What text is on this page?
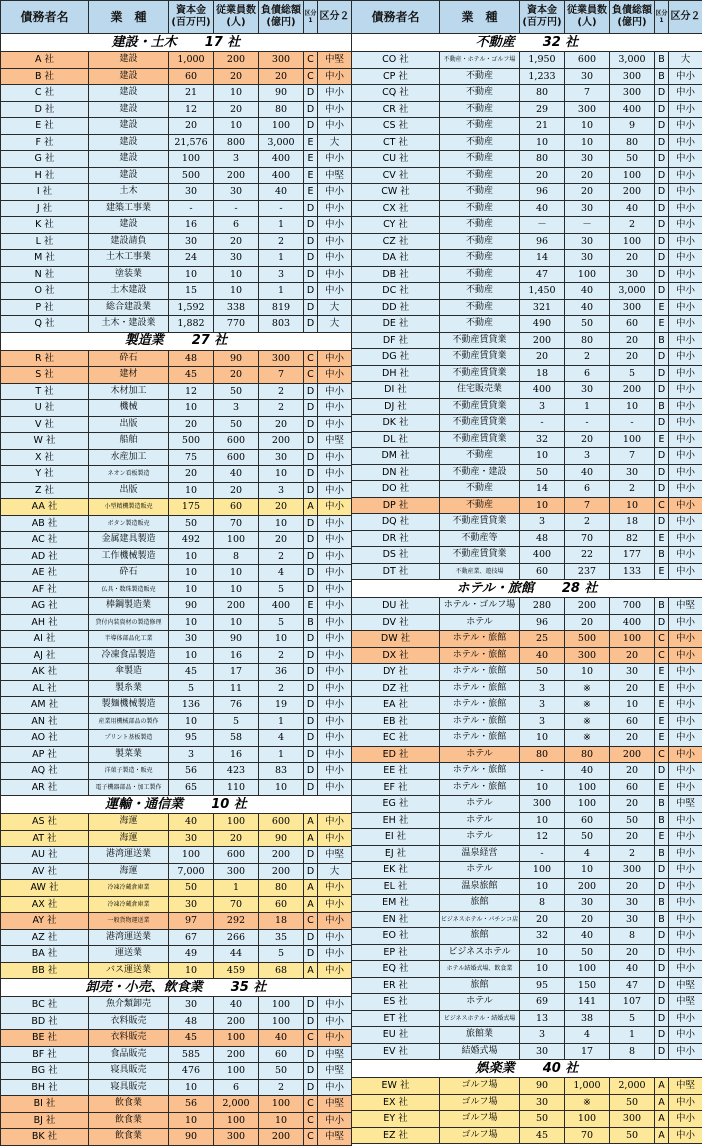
債務者名	業　種	資本金
(百万円)	従業員数
(人)	負債総額
(億円)	区分1	区分２
建設・土木 17 社						
A 社	建設	1,000	200	300	C	中堅
B 社	建設	60	20	20	C	中小
C 社	建設	21	10	90	D	中小
D 社	建設	12	20	80	D	中小
E 社	建設	20	10	100	D	中小
F 社	建設	21,576	800	3,000	E	大
G 社	建設	100	3	400	E	中小
H 社	建設	500	200	400	E	中堅
I 社	土木	30	30	40	E	中小
J 社	建築工事業	-	-	-	D	中小
K 社	建設	16	6	1	D	中小
L 社	建設請負	30	20	2	D	中小
M 社	土木工事業	24	30	1	D	中小
N 社	塗装業	10	10	3	D	中小
O 社	土木建設	15	10	1	D	中小
P 社	総合建設業	1,592	338	819	D	大
Q 社	土木・建設業	1,882	770	803	D	大
製造業 27 社						
R 社	砕石	48	90	300	C	中小
S 社	建材	45	20	7	C	中小
T 社	木材加工	12	50	2	D	中小
U 社	機械	10	3	2	D	中小
V 社	出版	20	50	20	D	中小
W 社	船舶	500	600	200	D	中堅
X 社	水産加工	75	600	30	D	中小
Y 社	ネオン看板製造	20	40	10	D	中小
Z 社	出版	10	20	3	D	中小
AA 社	小型精機製造販売	175	60	20	A	中小
AB 社	ボタン製造販売	50	70	10	D	中小
AC 社	金属建具製造	492	100	20	D	中小
AD 社	工作機械製造	10	8	2	D	中小
AE 社	砕石	10	10	4	D	中小
AF 社	仏具・数珠製造販売	10	10	5	D	中小
AG 社	棒鋼製造業	90	200	400	E	中小
AH 社	貸付内装資材の製造修理	10	10	5	B	中小
AI 社	半導体部品化工業	30	90	10	D	中小
AJ 社	冷凍食品製造	10	16	2	D	中小
AK 社	傘製造	45	17	36	D	中小
AL 社	製糸業	5	11	2	D	中小
AM 社	製麺機械製造	136	76	19	D	中小
AN 社	産業用機械部品の製作	10	5	1	D	中小
AO 社	プリント基板製造	95	58	4	D	中小
AP 社	製菜業	3	16	1	D	中小
AQ 社	洋菓子製造・販売	56	423	83	D	中小
AR 社	電子機器部品・加工製作	65	110	10	D	中小
運輸・通信業 10 社						
AS 社	海運	40	100	600	A	中小
AT 社	海運	30	20	90	A	中小
AU 社	港湾運送業	100	600	200	D	中堅
AV 社	海運	7,000	300	200	D	大
AW 社	冷凍冷蔵倉庫業	50	1	80	A	中小
AX 社	冷凍冷蔵倉庫業	30	70	60	A	中小
AY 社	一般貨物運送業	97	292	18	C	中小
AZ 社	港湾運送業	67	266	35	D	中小
BA 社	運送業	49	44	5	D	中小
BB 社	バス運送業	10	459	68	A	中小
卸売・小売、飲食業 35 社						
BC 社	魚介類卸売	30	40	100	D	中小
BD 社	衣料販売	48	200	100	D	中小
BE 社	衣料販売	45	100	40	C	中小
BF 社	食品販売	585	200	60	D	中堅
BG 社	寝具販売	476	100	50	D	中堅
BH 社	寝具販売	10	6	2	D	中小
BI 社	飲食業	56	2,000	100	C	中堅
BJ 社	飲食業	10	100	10	C	中小
BK 社	飲食業	90	300	200	C	中堅
債務者名	業　種	資本金
(百万円)	従業員数
(人)	負債総額
(億円)	区分1	区分２
不動産 32 社						
CO 社	不動産・ホテル・ゴルフ場	1,950	600	3,000	B	大
CP 社	不動産	1,233	30	300	B	中小
CQ 社	不動産	80	7	300	D	中小
CR 社	不動産	29	300	400	D	中小
CS 社	不動産	21	10	9	D	中小
CT 社	不動産	10	10	80	D	中小
CU 社	不動産	80	30	50	D	中小
CV 社	不動産	20	20	100	D	中小
CW 社	不動産	96	20	200	D	中小
CX 社	不動産	40	30	40	D	中小
CY 社	不動産	－	－	2	D	中小
CZ 社	不動産	96	30	100	D	中小
DA 社	不動産	14	30	20	D	中小
DB 社	不動産	47	100	30	D	中小
DC 社	不動産	1,450	40	3,000	D	中小
DD 社	不動産	321	40	300	E	中小
DE 社	不動産	490	50	60	E	中小
DF 社	不動産賃貸業	200	80	20	B	中小
DG 社	不動産賃貸業	20	2	20	D	中小
DH 社	不動産賃貸業	18	6	5	D	中小
DI 社	住宅販売業	400	30	200	D	中小
DJ 社	不動産賃貸業	3	1	10	B	中小
DK 社	不動産賃貸業	-	-	-	D	中小
DL 社	不動産賃貸業	32	20	100	E	中小
DM 社	不動産	10	3	7	D	中小
DN 社	不動産・建設	50	40	30	D	中小
DO 社	不動産	14	6	2	D	中小
DP 社	不動産	10	7	10	C	中小
DQ 社	不動産賃貸業	3	2	18	D	中小
DR 社	不動産等	48	70	82	E	中小
DS 社	不動産賃貸業	400	22	177	B	中小
DT 社	不動産業、遊技場	60	237	133	E	中小
ホテル・旅館 28 社						
DU 社	ホテル・ゴルフ場	280	200	700	B	中堅
DV 社	ホテル	96	20	400	D	中小
DW 社	ホテル・旅館	25	500	100	C	中小
DX 社	ホテル・旅館	40	300	20	C	中小
DY 社	ホテル・旅館	50	10	30	E	中小
DZ 社	ホテル・旅館	3	※	20	E	中小
EA 社	ホテル・旅館	3	※	10	E	中小
EB 社	ホテル・旅館	3	※	60	E	中小
EC 社	ホテル・旅館	10	※	20	E	中小
ED 社	ホテル	80	80	200	C	中小
EE 社	ホテル・旅館	-	40	20	D	中小
EF 社	ホテル・旅館	10	100	60	E	中小
EG 社	ホテル	300	100	20	B	中堅
EH 社	ホテル	10	60	50	B	中小
EI 社	ホテル	12	50	20	E	中小
EJ 社	温泉経営	-	4	2	B	中小
EK 社	ホテル	100	10	300	D	中小
EL 社	温泉旅館	10	200	20	D	中小
EM 社	旅館	8	30	30	B	中小
EN 社	ビジネスホテル・パチンコ店	20	20	30	B	中小
EO 社	旅館	32	40	8	D	中小
EP 社	ビジネスホテル	10	50	20	D	中小
EQ 社	ホテル結婚式場、飲食業	10	100	40	D	中小
ER 社	旅館	95	150	47	D	中堅
ES 社	ホテル	69	141	107	D	中堅
ET 社	ビジネスホテル・結婚式場	13	38	5	D	中小
EU 社	旅館業	3	4	1	D	中小
EV 社	結婚式場	30	17	8	D	中小
娯楽業 40 社						
EW 社	ゴルフ場	90	1,000	2,000	A	中堅
EX 社	ゴルフ場	30	※	50	A	中小
EY 社	ゴルフ場	50	100	300	A	中小
EZ 社	ゴルフ場	45	70	50	A	中小
